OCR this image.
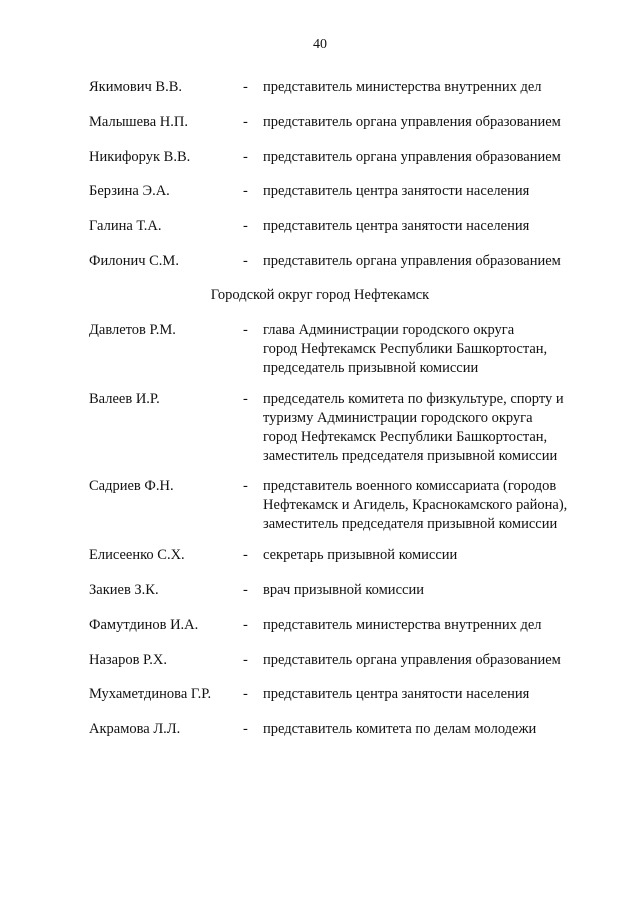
40
Якимович В.В.	- представитель министерства внутренних дел
Малышева Н.П.	- представитель органа управления образованием
Никифорук В.В.	- представитель органа управления образованием
Берзина Э.А.	- представитель центра занятости населения
Галина Т.А.	- представитель центра занятости населения
Филонич С.М.	- представитель органа управления образованием
Городской округ город Нефтекамск
Давлетов Р.М.	- глава Администрации городского округа
город Нефтекамск Республики Башкортостан,
председатель призывной комиссии
Валеев И.Р.	- председатель комитета по физкультуре, спорту и
туризму Администрации городского округа
город Нефтекамск Республики Башкортостан,
заместитель председателя призывной комиссии
Садриев Ф.Н.	- представитель военного комиссариата (городов
Нефтекамск и Агидель, Краснокамского района),
заместитель председателя призывной комиссии
Елисеенко С.Х.	- секретарь призывной комиссии
Закиев З.К.	- врач призывной комиссии
Фамутдинов И.А.	- представитель министерства внутренних дел
Назаров Р.Х.	- представитель органа управления образованием
Мухаметдинова Г.Р. - представитель центра занятости населения
Акрамова Л.Л.	- представитель комитета по делам молодежи
